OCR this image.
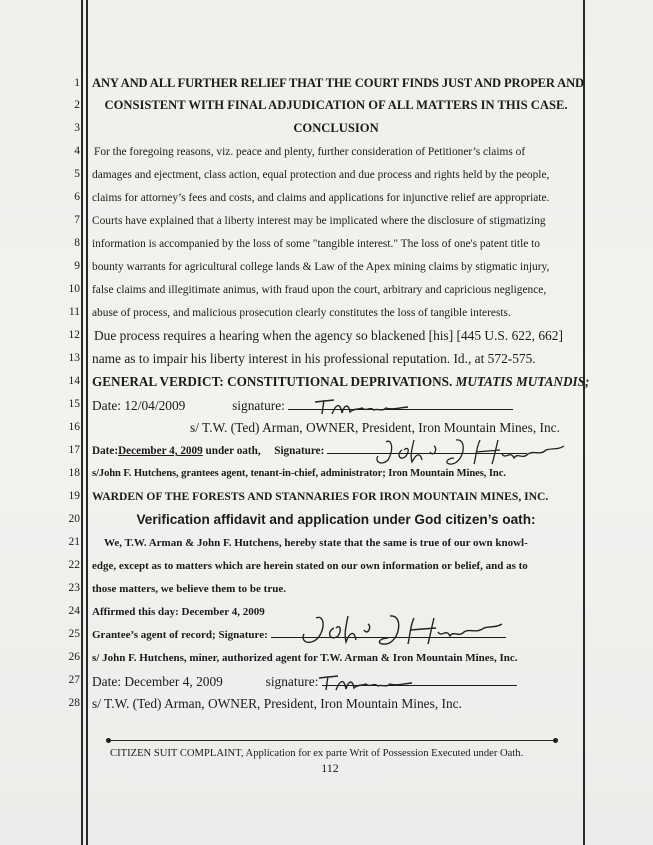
1
2
3
4
5
6
7
8
9
10
11
12
13
14
15
16
17
18
19
20
21
22
23
24
25
26
27
28
ANY AND ALL FURTHER RELIEF THAT THE COURT FINDS JUST AND PROPER AND
CONSISTENT WITH FINAL ADJUDICATION OF ALL MATTERS IN THIS CASE.
CONCLUSION
For the foregoing reasons, viz. peace and plenty, further consideration of Petitioner’s claims of
damages and ejectment, class action, equal protection and due process and rights held by the people,
claims for attorney’s fees and costs, and claims and applications for injunctive relief are appropriate.
Courts have explained that a liberty interest may be implicated where the disclosure of stigmatizing
information is accompanied by the loss of some "tangible interest." The loss of one's patent title to
bounty warrants for agricultural college lands & Law of the Apex mining claims by stigmatic injury,
false claims and illegitimate animus, with fraud upon the court, arbitrary and capricious negligence,
abuse of process, and malicious prosecution clearly constitutes the loss of tangible interests.
Due process requires a hearing when the agency so blackened [his] [445 U.S. 622, 662]
name as to impair his liberty interest in his professional reputation. Id., at 572-575.
GENERAL VERDICT: CONSTITUTIONAL DEPRIVATIONS. MUTATIS MUTANDIS;
Date: 12/04/2009	signature:
s/ T.W. (Ted) Arman, OWNER, President, Iron Mountain Mines, Inc.
Date:December 4, 2009 under oath, Signature:
s/John F. Hutchens, grantees agent, tenant-in-chief, administrator; Iron Mountain Mines, Inc.
WARDEN OF THE FORESTS AND STANNARIES FOR IRON MOUNTAIN MINES, INC.
Verification affidavit and application under God citizen’s oath:
We, T.W. Arman & John F. Hutchens, hereby state that the same is true of our own knowl-
edge, except as to matters which are herein stated on our own information or belief, and as to
those matters, we believe them to be true.
Affirmed this day: December 4, 2009
Grantee’s agent of record; Signature:
s/ John F. Hutchens, miner, authorized agent for T.W. Arman & Iron Mountain Mines, Inc.
Date: December 4, 2009	signature:
s/ T.W. (Ted) Arman, OWNER, President, Iron Mountain Mines, Inc.
CITIZEN SUIT COMPLAINT, Application for ex parte Writ of Possession Executed under Oath.
112
